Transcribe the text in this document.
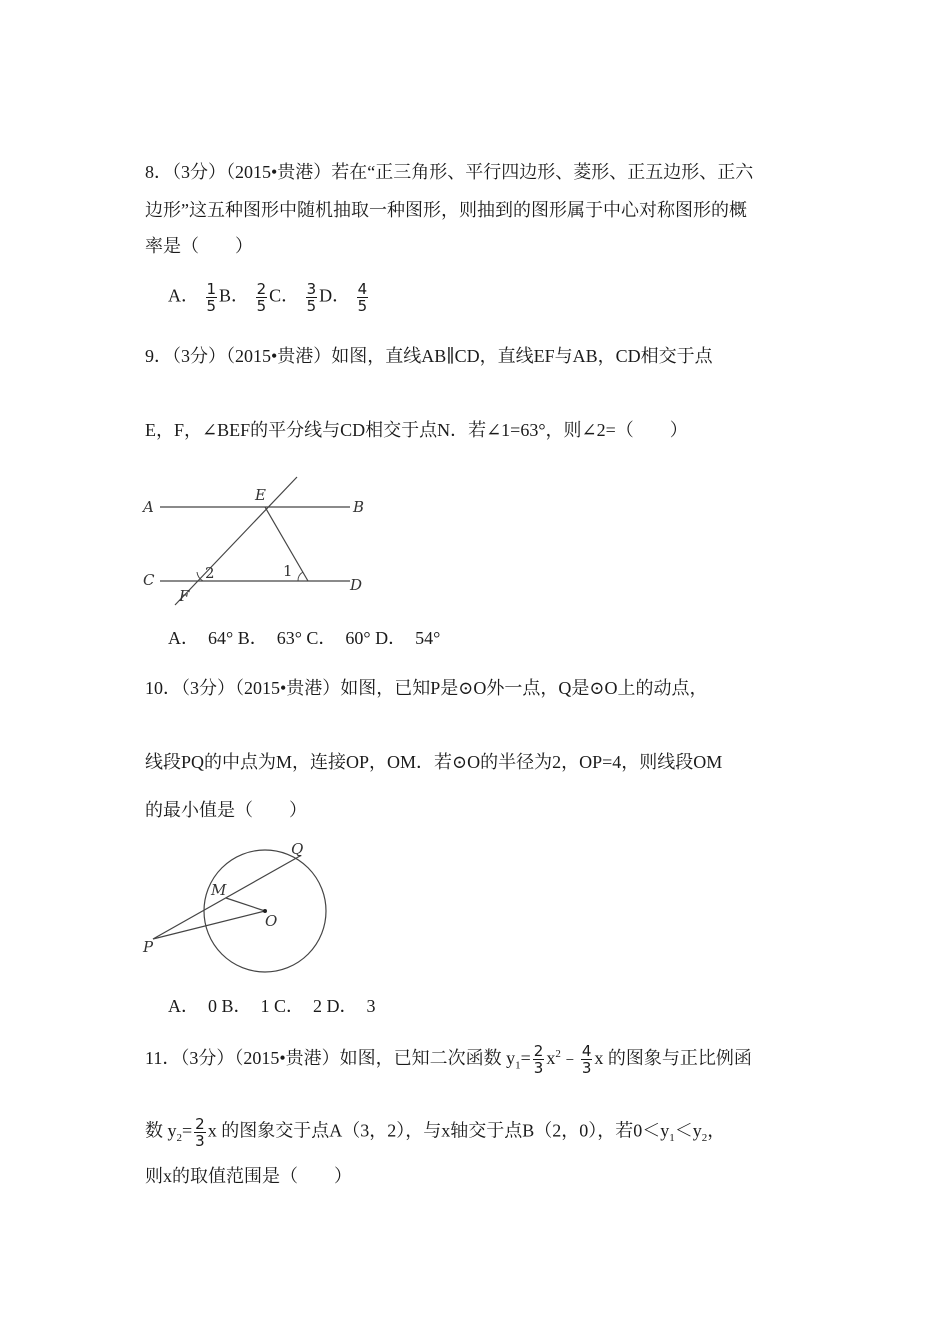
8．（3分）（2015•贵港）若在“正三角形、平行四边形、菱形、正五边形、正六
边形”这五种图形中随机抽取一种图形，则抽到的图形属于中心对称图形的概
率是（　　）
A． $\frac{1}{5}$ B． $\frac{2}{5}$ C． $\frac{3}{5}$ D． $\frac{4}{5}$
9．（3分）（2015•贵港）如图，直线AB∥CD，直线EF与AB，CD相交于点
E，F，∠BEF的平分线与CD相交于点N．若∠1=63°，则∠2=（　　）
A	B
C	D
E
F
1
2
A．　64° B．　63° C．　60° D．　54°
10．（3分）（2015•贵港）如图，已知P是⊙O外一点，Q是⊙O上的动点，
线段PQ的中点为M，连接OP，OM．若⊙O的半径为2，OP=4，则线段OM
的最小值是（　　）
P
Q
M
O
A．　0 B．　1 C．　2 D．　3
11．（3分）（2015•贵港）如图，已知二次函数 $y_1= \frac{2}{3}$ $x^2﹣ \frac{4}{3}$ x 的图象与正比例函
数 $y_2= \frac{2}{3}$ x 的图象交于点A（3，2），与x轴交于点B（2，0），若$0<y_1<y_2$，
则x的取值范围是（　　）
